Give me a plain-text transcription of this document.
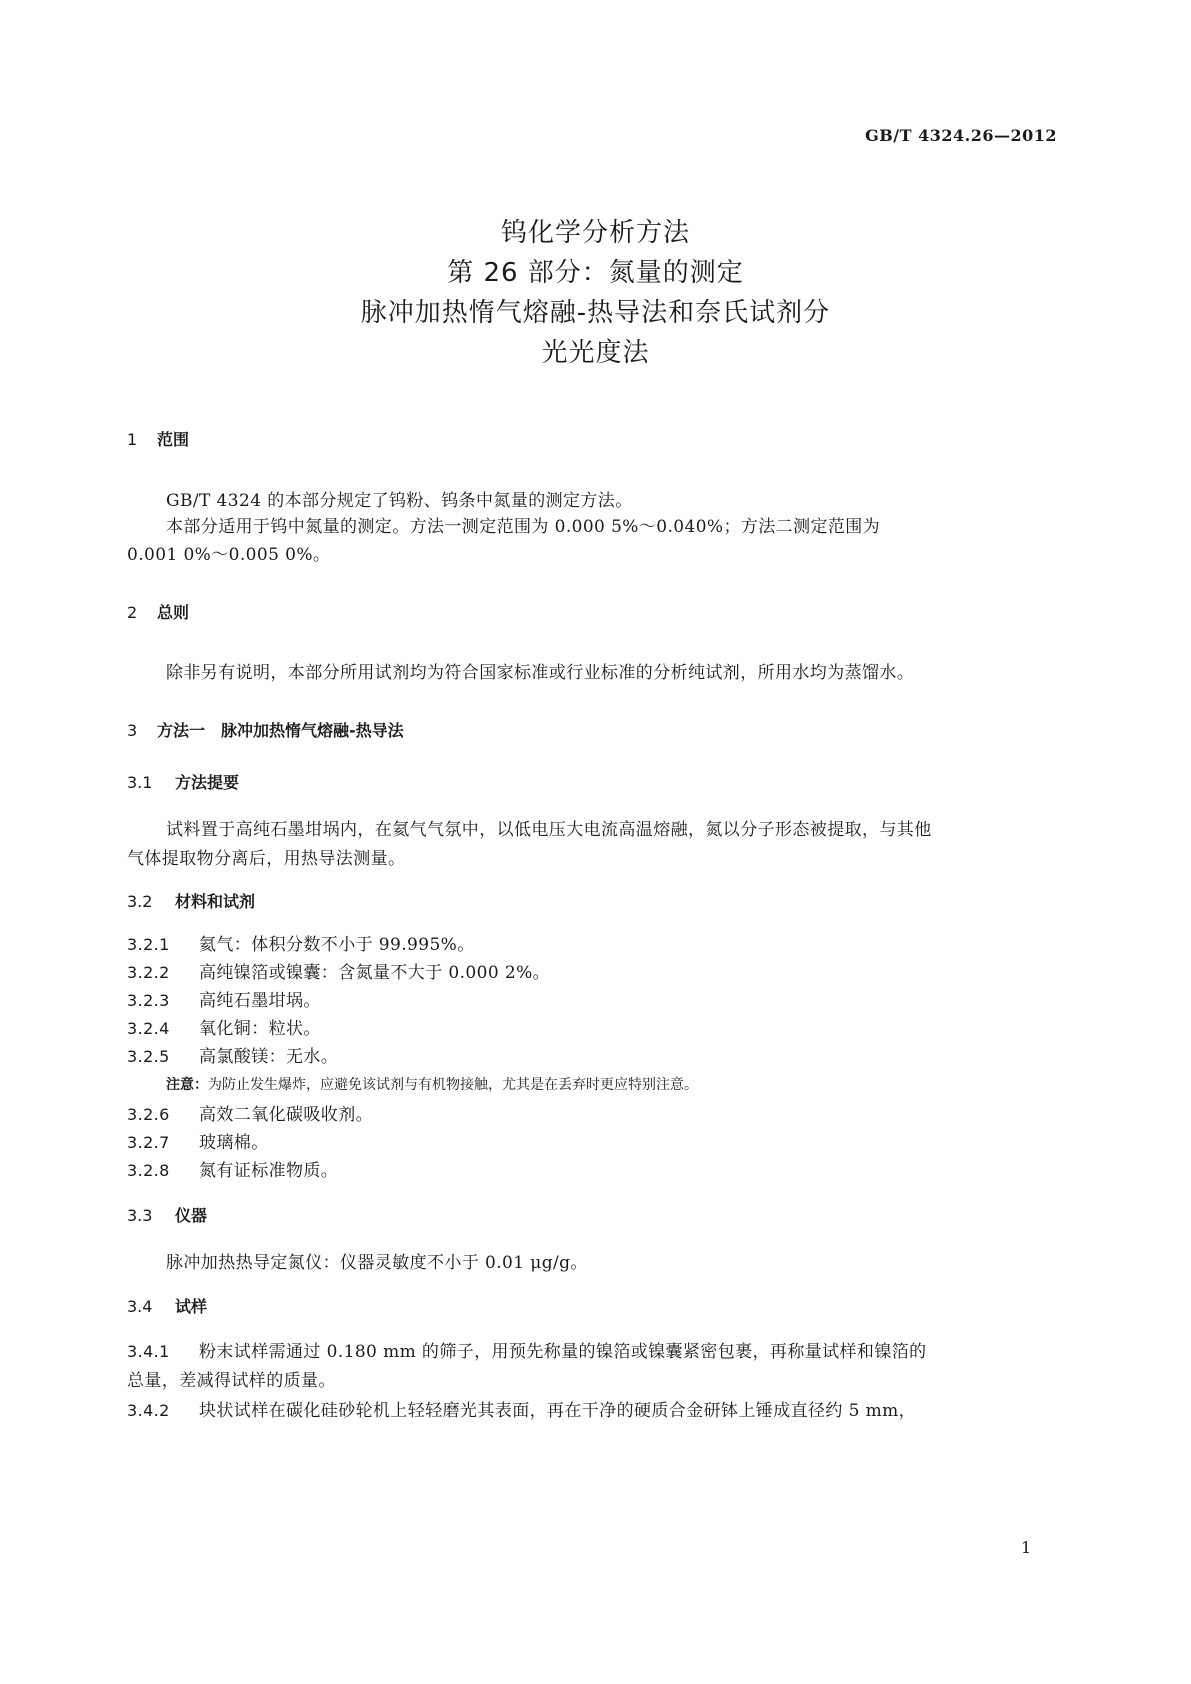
GB/T 4324.26—2012
钨化学分析方法
第 26 部分：氮量的测定
脉冲加热惰气熔融-热导法和奈氏试剂分
光光度法
1 范围
GB/T 4324 的本部分规定了钨粉、钨条中氮量的测定方法。
本部分适用于钨中氮量的测定。方法一测定范围为 0.000 5%～0.040%；方法二测定范围为
0.001 0%～0.005 0%。
2 总则
除非另有说明，本部分所用试剂均为符合国家标准或行业标准的分析纯试剂，所用水均为蒸馏水。
3 方法一　脉冲加热惰气熔融-热导法
3.1 方法提要
试料置于高纯石墨坩埚内，在氦气气氛中，以低电压大电流高温熔融，氮以分子形态被提取，与其他
气体提取物分离后，用热导法测量。
3.2 材料和试剂
3.2.1 氦气：体积分数不小于 99.995%。
3.2.2 高纯镍箔或镍囊：含氮量不大于 0.000 2%。
3.2.3 高纯石墨坩埚。
3.2.4 氧化铜：粒状。
3.2.5 高氯酸镁：无水。
注意：为防止发生爆炸，应避免该试剂与有机物接触，尤其是在丢弃时更应特别注意。
3.2.6 高效二氧化碳吸收剂。
3.2.7 玻璃棉。
3.2.8 氮有证标准物质。
3.3 仪器
脉冲加热热导定氮仪：仪器灵敏度不小于 0.01 μg/g。
3.4 试样
3.4.1 粉末试样需通过 0.180 mm 的筛子，用预先称量的镍箔或镍囊紧密包裹，再称量试样和镍箔的
总量，差减得试样的质量。
3.4.2 块状试样在碳化硅砂轮机上轻轻磨光其表面，再在干净的硬质合金研钵上锤成直径约 5 mm，
1
